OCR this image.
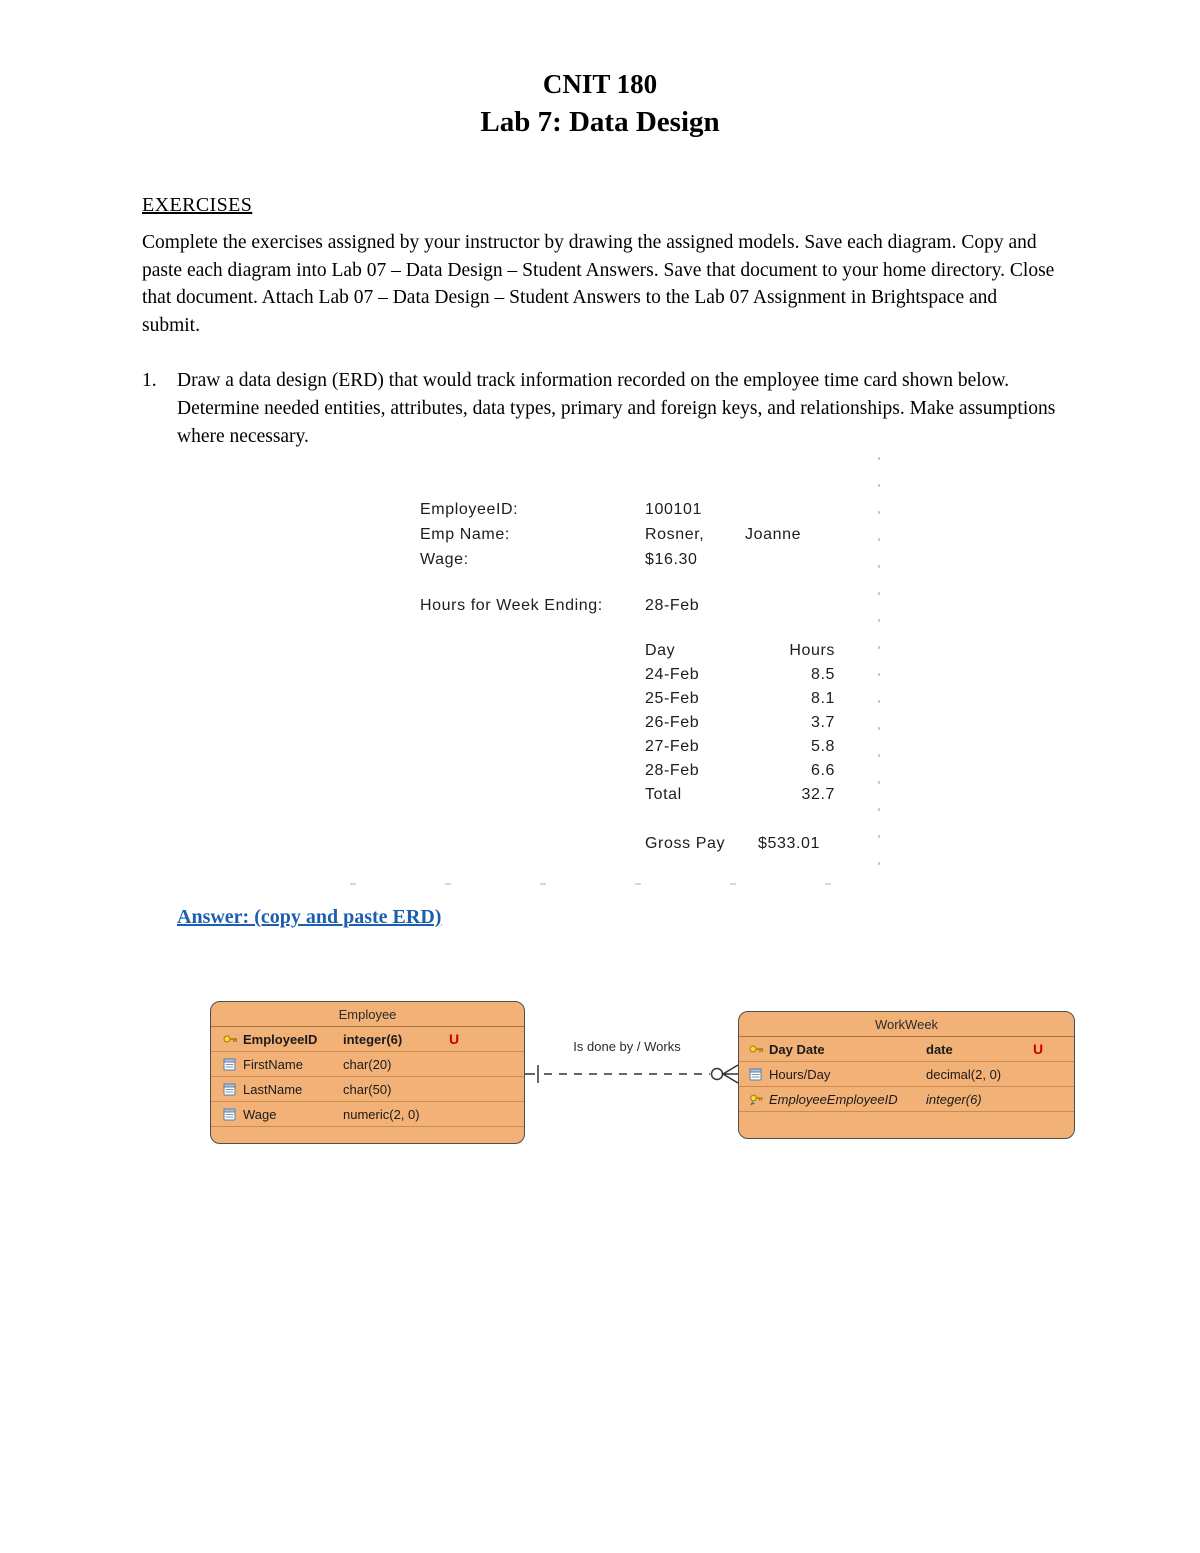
CNIT 180
Lab 7: Data Design
EXERCISES

Complete the exercises assigned by your instructor by drawing the assigned models. Save each diagram. Copy and paste each diagram into Lab 07 – Data Design – Student Answers. Save that document to your home directory. Close that document. Attach Lab 07 – Data Design – Student Answers to the Lab 07 Assignment in Brightspace and submit.

1.	Draw a data design (ERD) that would track information recorded on the employee time card shown below. Determine needed entities, attributes, data types, primary and foreign keys, and relationships. Make assumptions where necessary.
EmployeeID:	100101
Emp Name:	Rosner,	Joanne
Wage:	$16.30
Hours for Week Ending:	28-Feb
Day	Hours
24-Feb	8.5
25-Feb	8.1
26-Feb	3.7
27-Feb	5.8
28-Feb	6.6
Total	32.7
Gross Pay	$533.01
Answer: (copy and paste ERD)
Is done by / Works
Employee
EmployeeID	integer(6)	U
FirstName	char(20)
LastName	char(50)
Wage	numeric(2, 0)
WorkWeek
Day Date	date	U
Hours/Day	decimal(2, 0)
EmployeeEmployeeID	integer(6)
